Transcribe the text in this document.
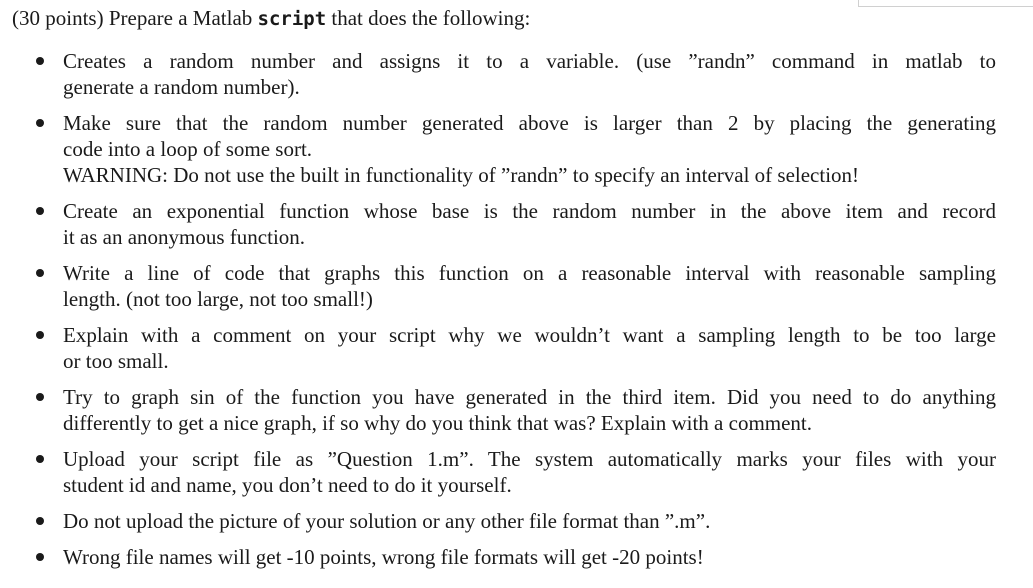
(30 points) Prepare a Matlab script that does the following:
Creates a random number and assigns it to a variable. (use ”randn” command in matlab to
generate a random number).
Make sure that the random number generated above is larger than 2 by placing the generating
code into a loop of some sort.
WARNING: Do not use the built in functionality of ”randn” to specify an interval of selection!
Create an exponential function whose base is the random number in the above item and record
it as an anonymous function.
Write a line of code that graphs this function on a reasonable interval with reasonable sampling
length. (not too large, not too small!)
Explain with a comment on your script why we wouldn’t want a sampling length to be too large
or too small.
Try to graph sin of the function you have generated in the third item. Did you need to do anything
differently to get a nice graph, if so why do you think that was? Explain with a comment.
Upload your script file as ”Question 1.m”. The system automatically marks your files with your
student id and name, you don’t need to do it yourself.
Do not upload the picture of your solution or any other file format than ”.m”.
Wrong file names will get -10 points, wrong file formats will get -20 points!
